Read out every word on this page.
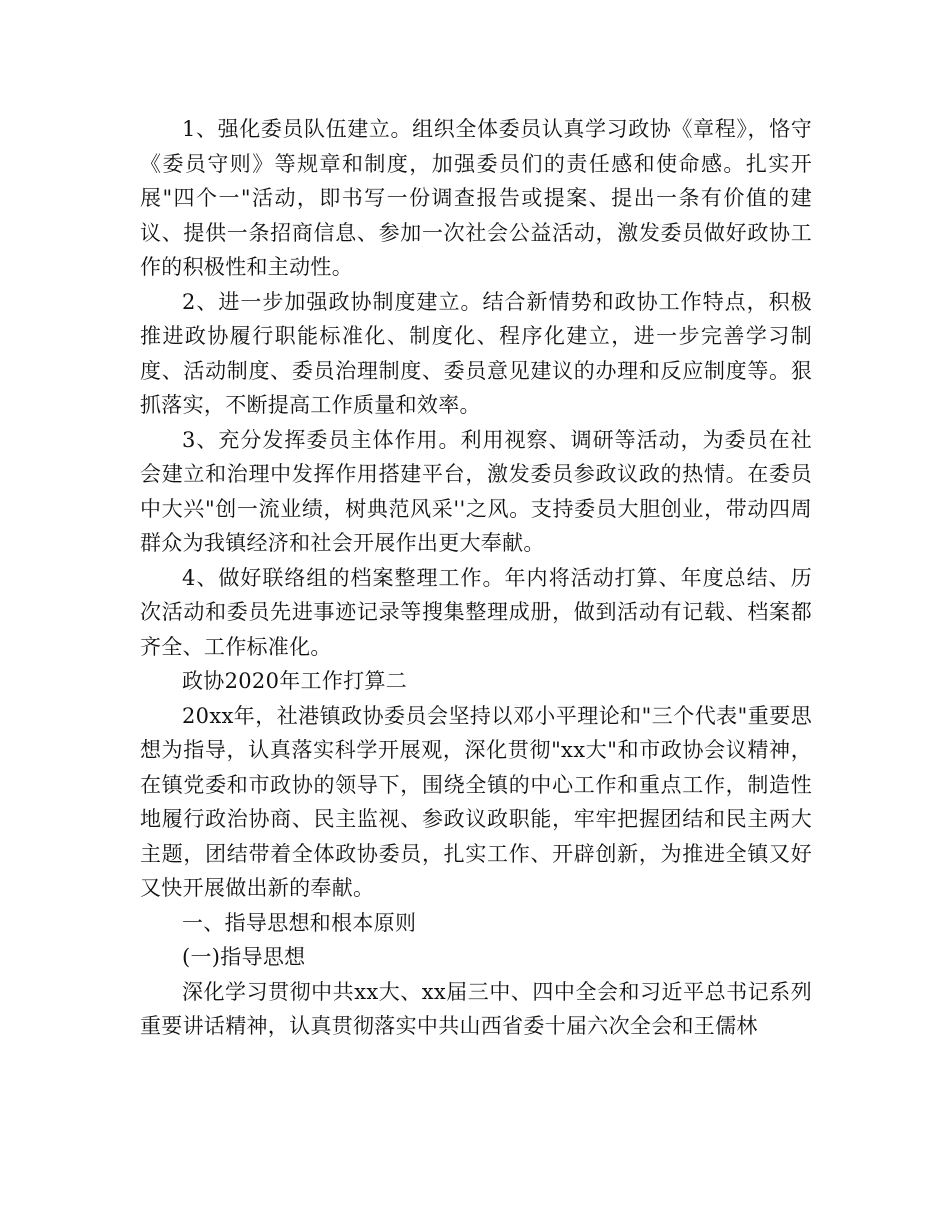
1、强化委员队伍建立。组织全体委员认真学习政协《章程》，恪守《委员守则》等规章和制度，加强委员们的责任感和使命感。扎实开展"四个一"活动，即书写一份调查报告或提案、提出一条有价值的建议、提供一条招商信息、参加一次社会公益活动，激发委员做好政协工作的积极性和主动性。

2、进一步加强政协制度建立。结合新情势和政协工作特点，积极推进政协履行职能标准化、制度化、程序化建立，进一步完善学习制度、活动制度、委员治理制度、委员意见建议的办理和反应制度等。狠抓落实，不断提高工作质量和效率。

3、充分发挥委员主体作用。利用视察、调研等活动，为委员在社会建立和治理中发挥作用搭建平台，激发委员参政议政的热情。在委员中大兴"创一流业绩，树典范风采''之风。支持委员大胆创业，带动四周群众为我镇经济和社会开展作出更大奉献。

4、做好联络组的档案整理工作。年内将活动打算、年度总结、历次活动和委员先进事迹记录等搜集整理成册，做到活动有记载、档案都齐全、工作标准化。

政协2020年工作打算二

20xx年，社港镇政协委员会坚持以邓小平理论和"三个代表"重要思想为指导，认真落实科学开展观，深化贯彻"xx大"和市政协会议精神，在镇党委和市政协的领导下，围绕全镇的中心工作和重点工作，制造性地履行政治协商、民主监视、参政议政职能，牢牢把握团结和民主两大主题，团结带着全体政协委员，扎实工作、开辟创新，为推进全镇又好又快开展做出新的奉献。

一、指导思想和根本原则

(一)指导思想

深化学习贯彻中共xx大、xx届三中、四中全会和习近平总书记系列重要讲话精神，认真贯彻落实中共山西省委十届六次全会和王儒林
